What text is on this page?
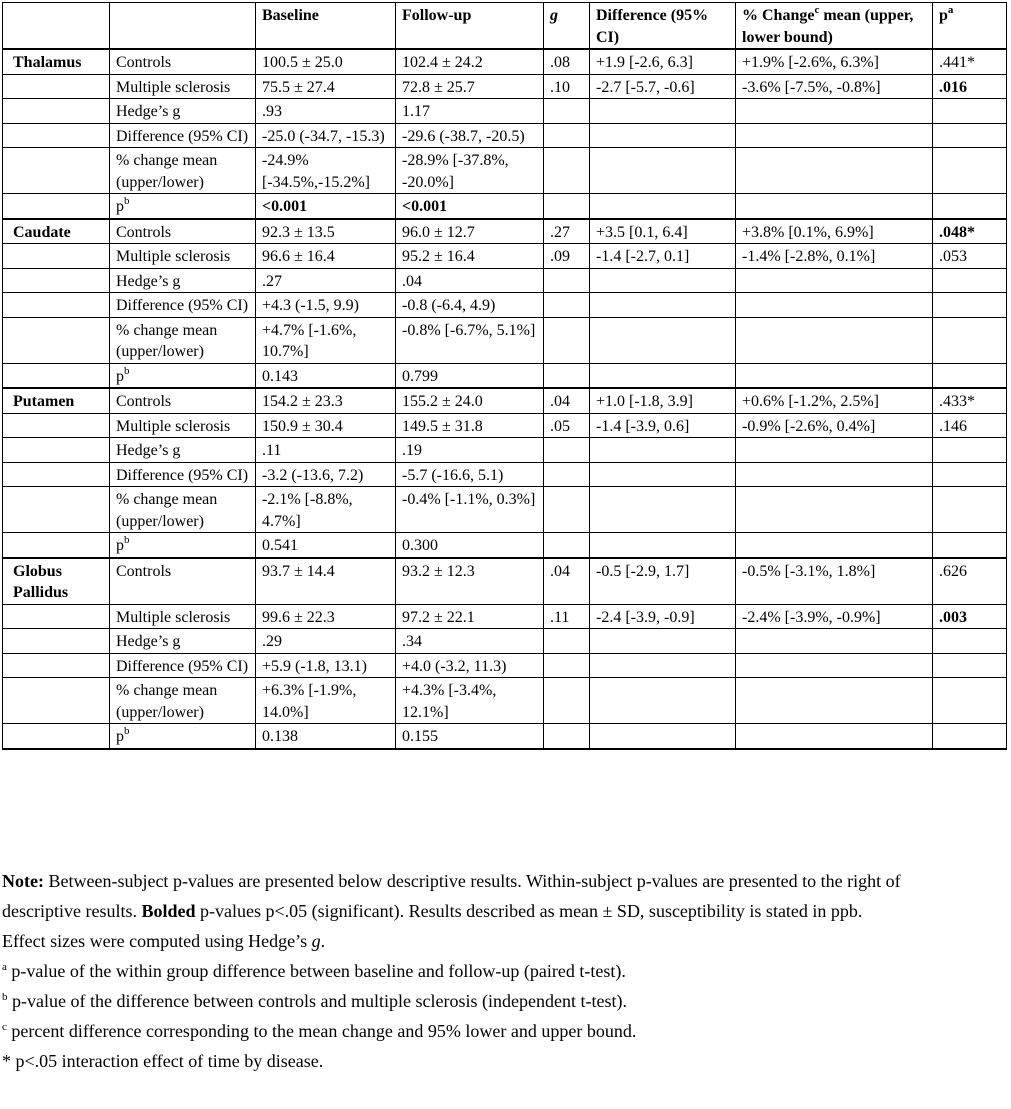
		Baseline	Follow-up	g	Difference (95% CI)	% Change$^c$ mean (upper, lower bound)	$p^a$
Thalamus	Controls	100.5 ± 25.0	102.4 ± 24.2	.08	+1.9 [-2.6, 6.3]	+1.9% [-2.6%, 6.3%]	.441*
	Multiple sclerosis	75.5 ± 27.4	72.8 ± 25.7	.10	-2.7 [-5.7, -0.6]	-3.6% [-7.5%, -0.8%]	.016
	Hedge’s g	.93	1.17				
	Difference (95% CI)	-25.0 (-34.7, -15.3)	-29.6 (-38.7, -20.5)				
	% change mean (upper/lower)	-24.9% [-34.5%,-15.2%]	-28.9% [-37.8%, -20.0%]				
	$p^b$	<0.001	<0.001				
Caudate	Controls	92.3 ± 13.5	96.0 ± 12.7	.27	+3.5 [0.1, 6.4]	+3.8% [0.1%, 6.9%]	.048*
	Multiple sclerosis	96.6 ± 16.4	95.2 ± 16.4	.09	-1.4 [-2.7, 0.1]	-1.4% [-2.8%, 0.1%]	.053
	Hedge’s g	.27	.04				
	Difference (95% CI)	+4.3 (-1.5, 9.9)	-0.8 (-6.4, 4.9)				
	% change mean (upper/lower)	+4.7% [-1.6%, 10.7%]	-0.8% [-6.7%, 5.1%]				
	$p^b$	0.143	0.799				
Putamen	Controls	154.2 ± 23.3	155.2 ± 24.0	.04	+1.0 [-1.8, 3.9]	+0.6% [-1.2%, 2.5%]	.433*
	Multiple sclerosis	150.9 ± 30.4	149.5 ± 31.8	.05	-1.4 [-3.9, 0.6]	-0.9% [-2.6%, 0.4%]	.146
	Hedge’s g	.11	.19				
	Difference (95% CI)	-3.2 (-13.6, 7.2)	-5.7 (-16.6, 5.1)				
	% change mean (upper/lower)	-2.1% [-8.8%, 4.7%]	-0.4% [-1.1%, 0.3%]				
	$p^b$	0.541	0.300				
Globus Pallidus	Controls	93.7 ± 14.4	93.2 ± 12.3	.04	-0.5 [-2.9, 1.7]	-0.5% [-3.1%, 1.8%]	.626
	Multiple sclerosis	99.6 ± 22.3	97.2 ± 22.1	.11	-2.4 [-3.9, -0.9]	-2.4% [-3.9%, -0.9%]	.003
	Hedge’s g	.29	.34				
	Difference (95% CI)	+5.9 (-1.8, 13.1)	+4.0 (-3.2, 11.3)				
	% change mean (upper/lower)	+6.3% [-1.9%, 14.0%]	+4.3% [-3.4%, 12.1%]				
	$p^b$	0.138	0.155				

Note: Between-subject p-values are presented below descriptive results. Within-subject p-values are presented to the right of descriptive results. Bolded p-values p<.05 (significant). Results described as mean ± SD, susceptibility is stated in ppb. Effect sizes were computed using Hedge’s g.

$^a$ p-value of the within group difference between baseline and follow-up (paired t-test).

$^b$ p-value of the difference between controls and multiple sclerosis (independent t-test).

$^c$ percent difference corresponding to the mean change and 95% lower and upper bound.

* p<.05 interaction effect of time by disease.
